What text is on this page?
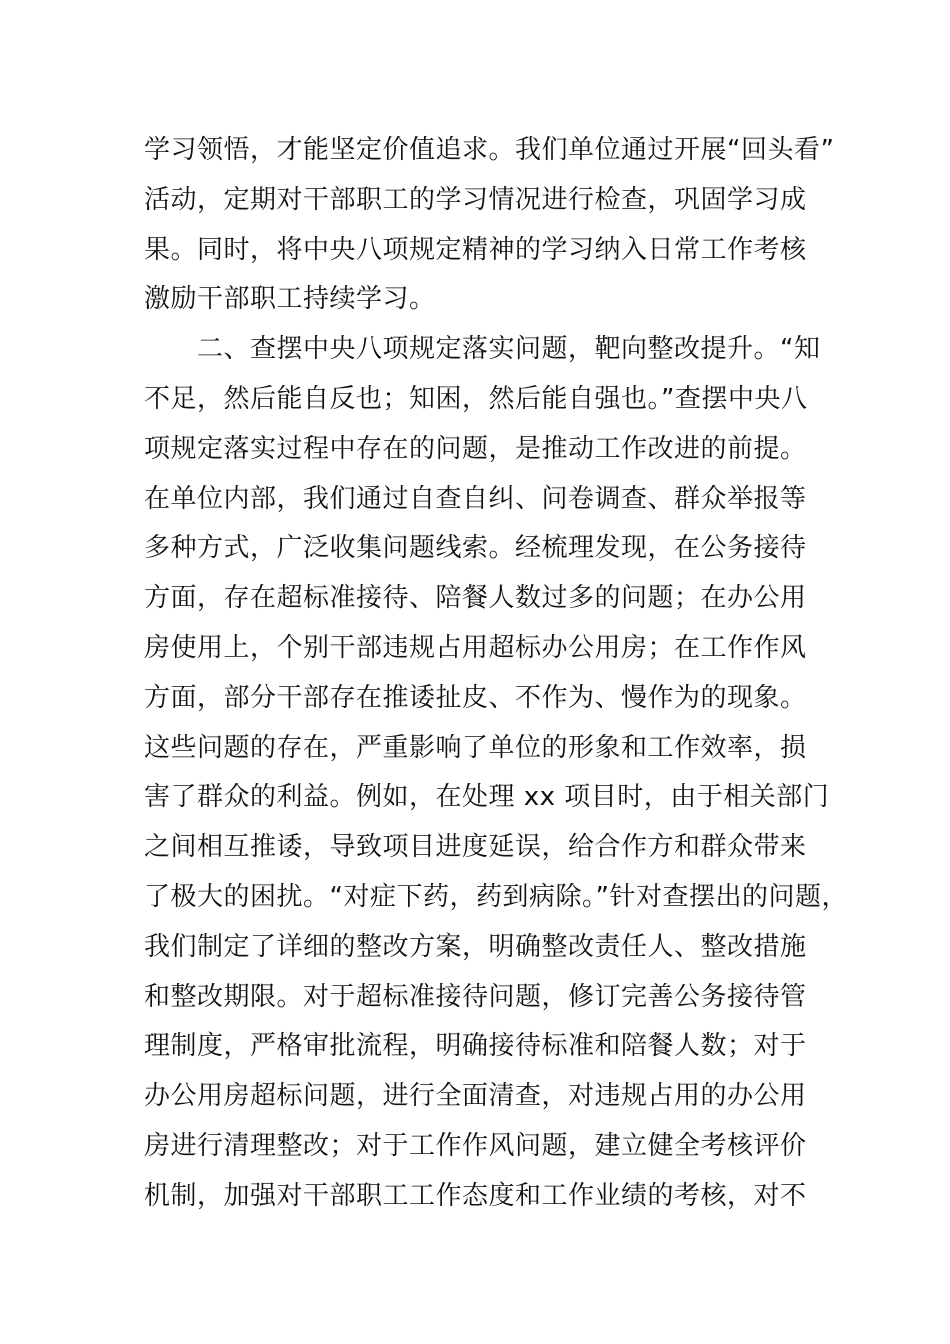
学习领悟，才能坚定价值追求。我们单位通过开展“回头看”
活动，定期对干部职工的学习情况进行检查，巩固学习成
果。同时，将中央八项规定精神的学习纳入日常工作考核
激励干部职工持续学习。
　　二、查摆中央八项规定落实问题，靶向整改提升。“知
不足，然后能自反也；知困，然后能自强也。”查摆中央八
项规定落实过程中存在的问题，是推动工作改进的前提。
在单位内部，我们通过自查自纠、问卷调查、群众举报等
多种方式，广泛收集问题线索。经梳理发现，在公务接待
方面，存在超标准接待、陪餐人数过多的问题；在办公用
房使用上，个别干部违规占用超标办公用房；在工作作风
方面，部分干部存在推诿扯皮、不作为、慢作为的现象。
这些问题的存在，严重影响了单位的形象和工作效率，损
害了群众的利益。例如，在处理 xx 项目时，由于相关部门
之间相互推诿，导致项目进度延误，给合作方和群众带来
了极大的困扰。“对症下药，药到病除。”针对查摆出的问题，
我们制定了详细的整改方案，明确整改责任人、整改措施
和整改期限。对于超标准接待问题，修订完善公务接待管
理制度，严格审批流程，明确接待标准和陪餐人数；对于
办公用房超标问题，进行全面清查，对违规占用的办公用
房进行清理整改；对于工作作风问题，建立健全考核评价
机制，加强对干部职工工作态度和工作业绩的考核，对不
